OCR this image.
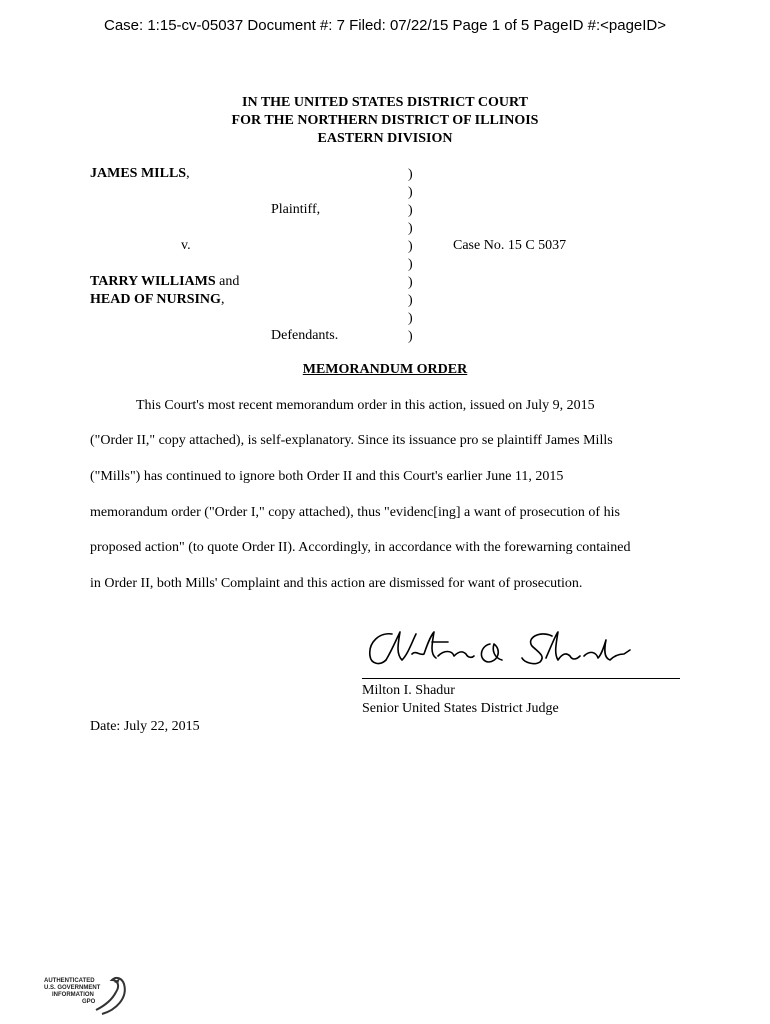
Case: 1:15-cv-05037 Document #: 7 Filed: 07/22/15 Page 1 of 5 PageID #:<pageID>
IN THE UNITED STATES DISTRICT COURT
FOR THE NORTHERN DISTRICT OF ILLINOIS
EASTERN DIVISION
JAMES MILLS,
Plaintiff,
v.	Case No. 15 C 5037
TARRY WILLIAMS and
HEAD OF NURSING,
Defendants.
)
)
)
)
)
)
)
)
)
)
MEMORANDUM ORDER
This Court's most recent memorandum order in this action, issued on July 9, 2015
("Order II," copy attached), is self-explanatory. Since its issuance pro se plaintiff James Mills
("Mills") has continued to ignore both Order II and this Court's earlier June 11, 2015
memorandum order ("Order I," copy attached), thus "evidenc[ing] a want of prosecution of his
proposed action" (to quote Order II). Accordingly, in accordance with the forewarning contained
in Order II, both Mills' Complaint and this action are dismissed for want of prosecution.
Milton I. Shadur
Senior United States District Judge
Date: July 22, 2015
AUTHENTICATED
U.S. GOVERNMENT
INFORMATION
GPO
